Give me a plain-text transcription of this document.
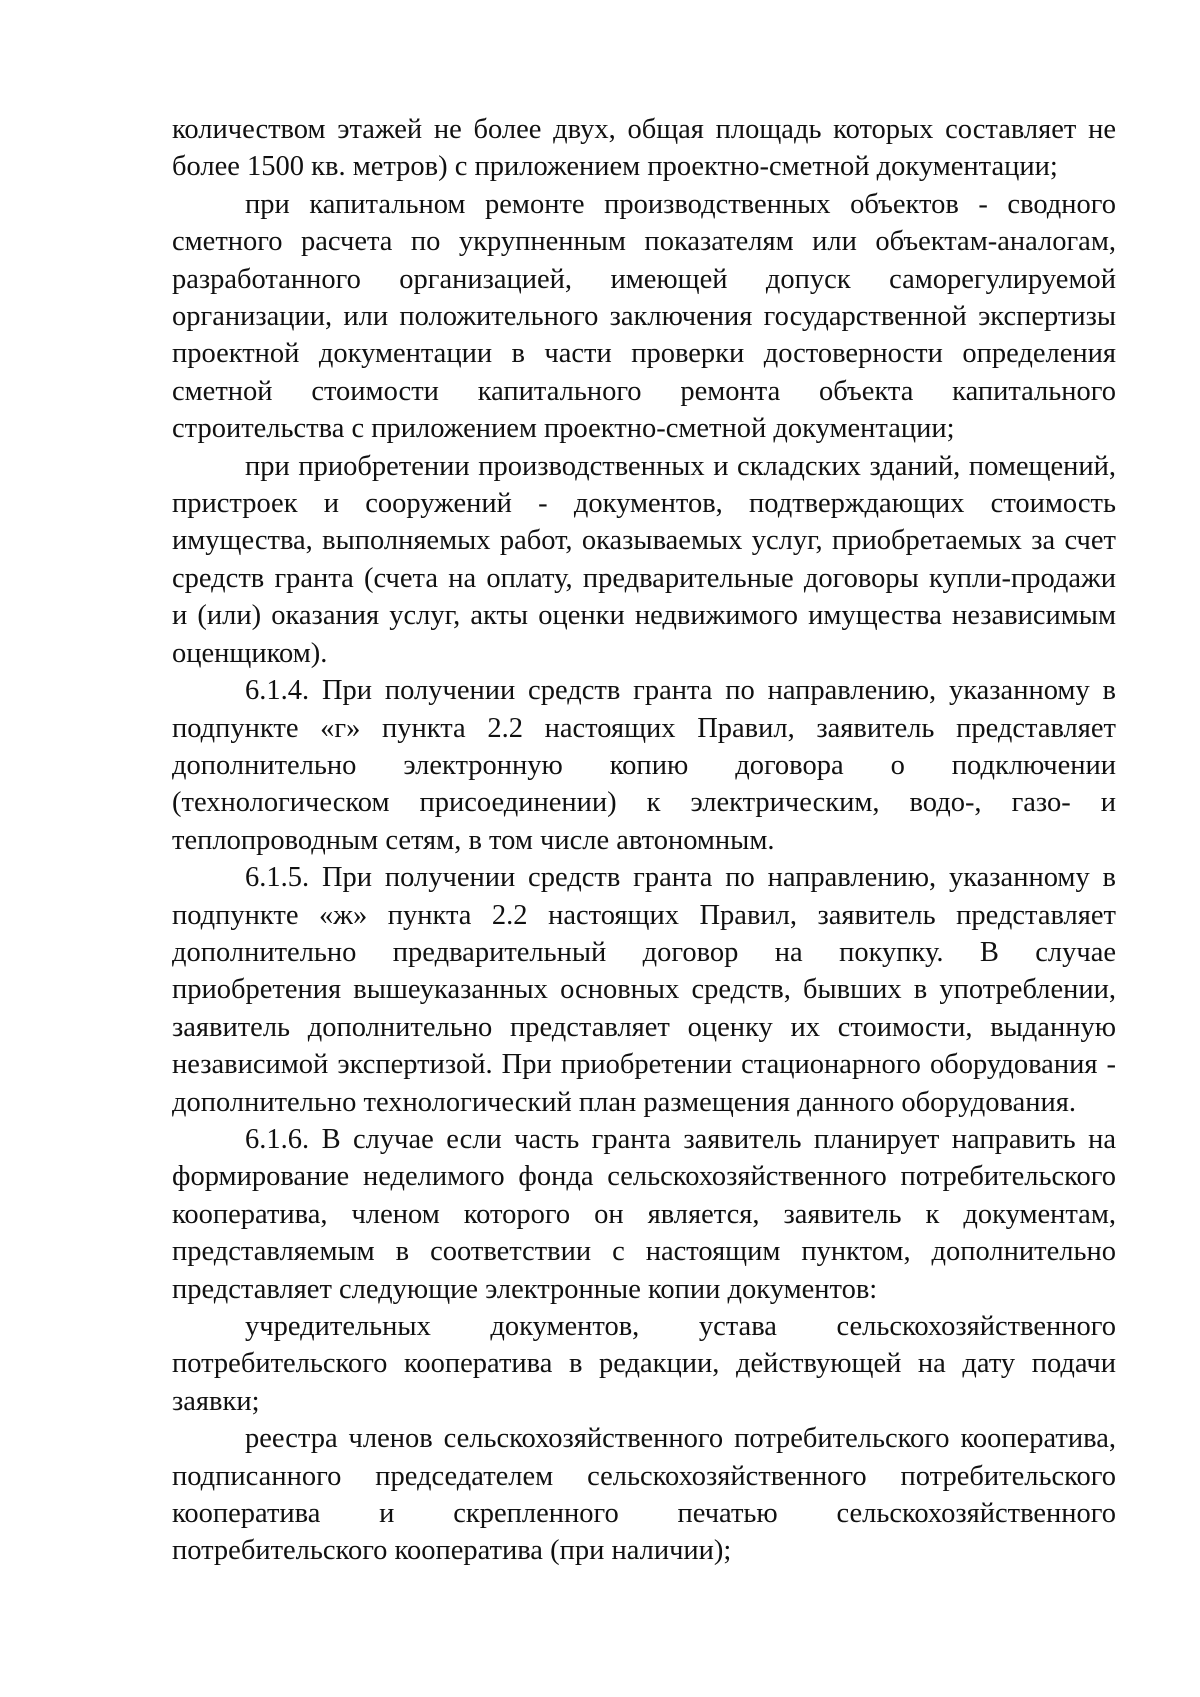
количеством этажей не более двух, общая площадь которых составляет не более 1500 кв. метров) с приложением проектно-сметной документации;

при капитальном ремонте производственных объектов - сводного сметного расчета по укрупненным показателям или объектам-аналогам, разработанного организацией, имеющей допуск саморегулируемой организации, или положительного заключения государственной экспертизы проектной документации в части проверки достоверности определения сметной стоимости капитального ремонта объекта капитального строительства с приложением проектно-сметной документации;

при приобретении производственных и складских зданий, помещений, пристроек и сооружений - документов, подтверждающих стоимость имущества, выполняемых работ, оказываемых услуг, приобретаемых за счет средств гранта (счета на оплату, предварительные договоры купли-продажи и (или) оказания услуг, акты оценки недвижимого имущества независимым оценщиком).

6.1.4. При получении средств гранта по направлению, указанному в подпункте «г» пункта 2.2 настоящих Правил, заявитель представляет дополнительно электронную копию договора о подключении (технологическом присоединении) к электрическим, водо-, газо- и теплопроводным сетям, в том числе автономным.

6.1.5. При получении средств гранта по направлению, указанному в подпункте «ж» пункта 2.2 настоящих Правил, заявитель представляет дополнительно предварительный договор на покупку. В случае приобретения вышеуказанных основных средств, бывших в употреблении, заявитель дополнительно представляет оценку их стоимости, выданную независимой экспертизой. При приобретении стационарного оборудования - дополнительно технологический план размещения данного оборудования.

6.1.6. В случае если часть гранта заявитель планирует направить на формирование неделимого фонда сельскохозяйственного потребительского кооператива, членом которого он является, заявитель к документам, представляемым в соответствии с настоящим пунктом, дополнительно представляет следующие электронные копии документов:

учредительных документов, устава сельскохозяйственного потребительского кооператива в редакции, действующей на дату подачи заявки;

реестра членов сельскохозяйственного потребительского кооператива, подписанного председателем сельскохозяйственного потребительского кооператива и скрепленного печатью сельскохозяйственного потребительского кооператива (при наличии);
